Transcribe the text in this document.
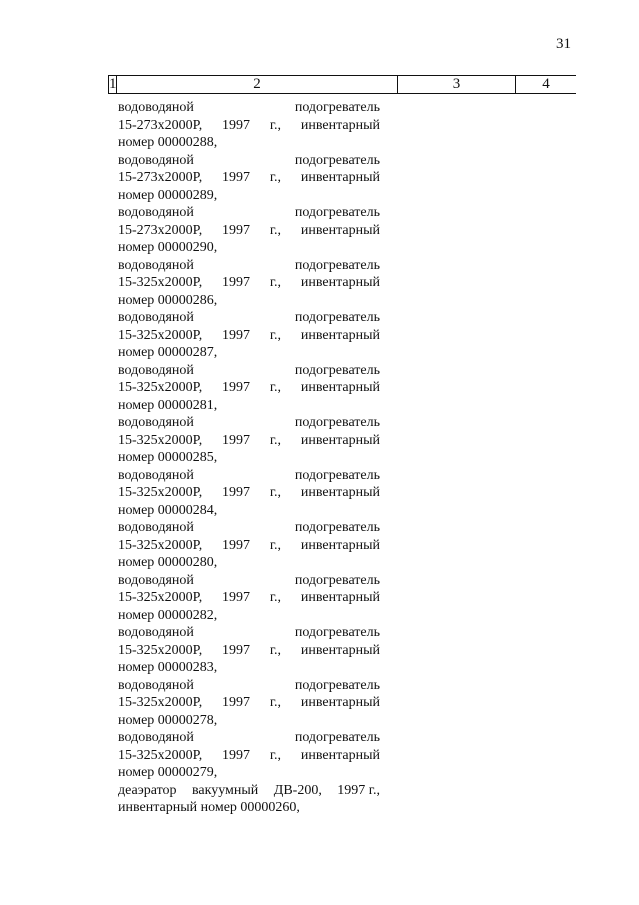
31
1	2	3	4
водоводяной	подогреватель
15-273x2000Р, 1997 г., инвентарный
номер 00000288,
водоводяной	подогреватель
15-273x2000Р, 1997 г., инвентарный
номер 00000289,
водоводяной	подогреватель
15-273x2000Р, 1997 г., инвентарный
номер 00000290,
водоводяной	подогреватель
15-325x2000Р, 1997 г., инвентарный
номер 00000286,
водоводяной	подогреватель
15-325x2000Р, 1997 г., инвентарный
номер 00000287,
водоводяной	подогреватель
15-325x2000Р, 1997 г., инвентарный
номер 00000281,
водоводяной	подогреватель
15-325x2000Р, 1997 г., инвентарный
номер 00000285,
водоводяной	подогреватель
15-325x2000Р, 1997 г., инвентарный
номер 00000284,
водоводяной	подогреватель
15-325x2000Р, 1997 г., инвентарный
номер 00000280,
водоводяной	подогреватель
15-325x2000Р, 1997 г., инвентарный
номер 00000282,
водоводяной	подогреватель
15-325x2000Р, 1997 г., инвентарный
номер 00000283,
водоводяной	подогреватель
15-325x2000Р, 1997 г., инвентарный
номер 00000278,
водоводяной	подогреватель
15-325x2000Р, 1997 г., инвентарный
номер 00000279,
деаэратор вакуумный ДВ-200, 1997 г.,
инвентарный номер 00000260,
